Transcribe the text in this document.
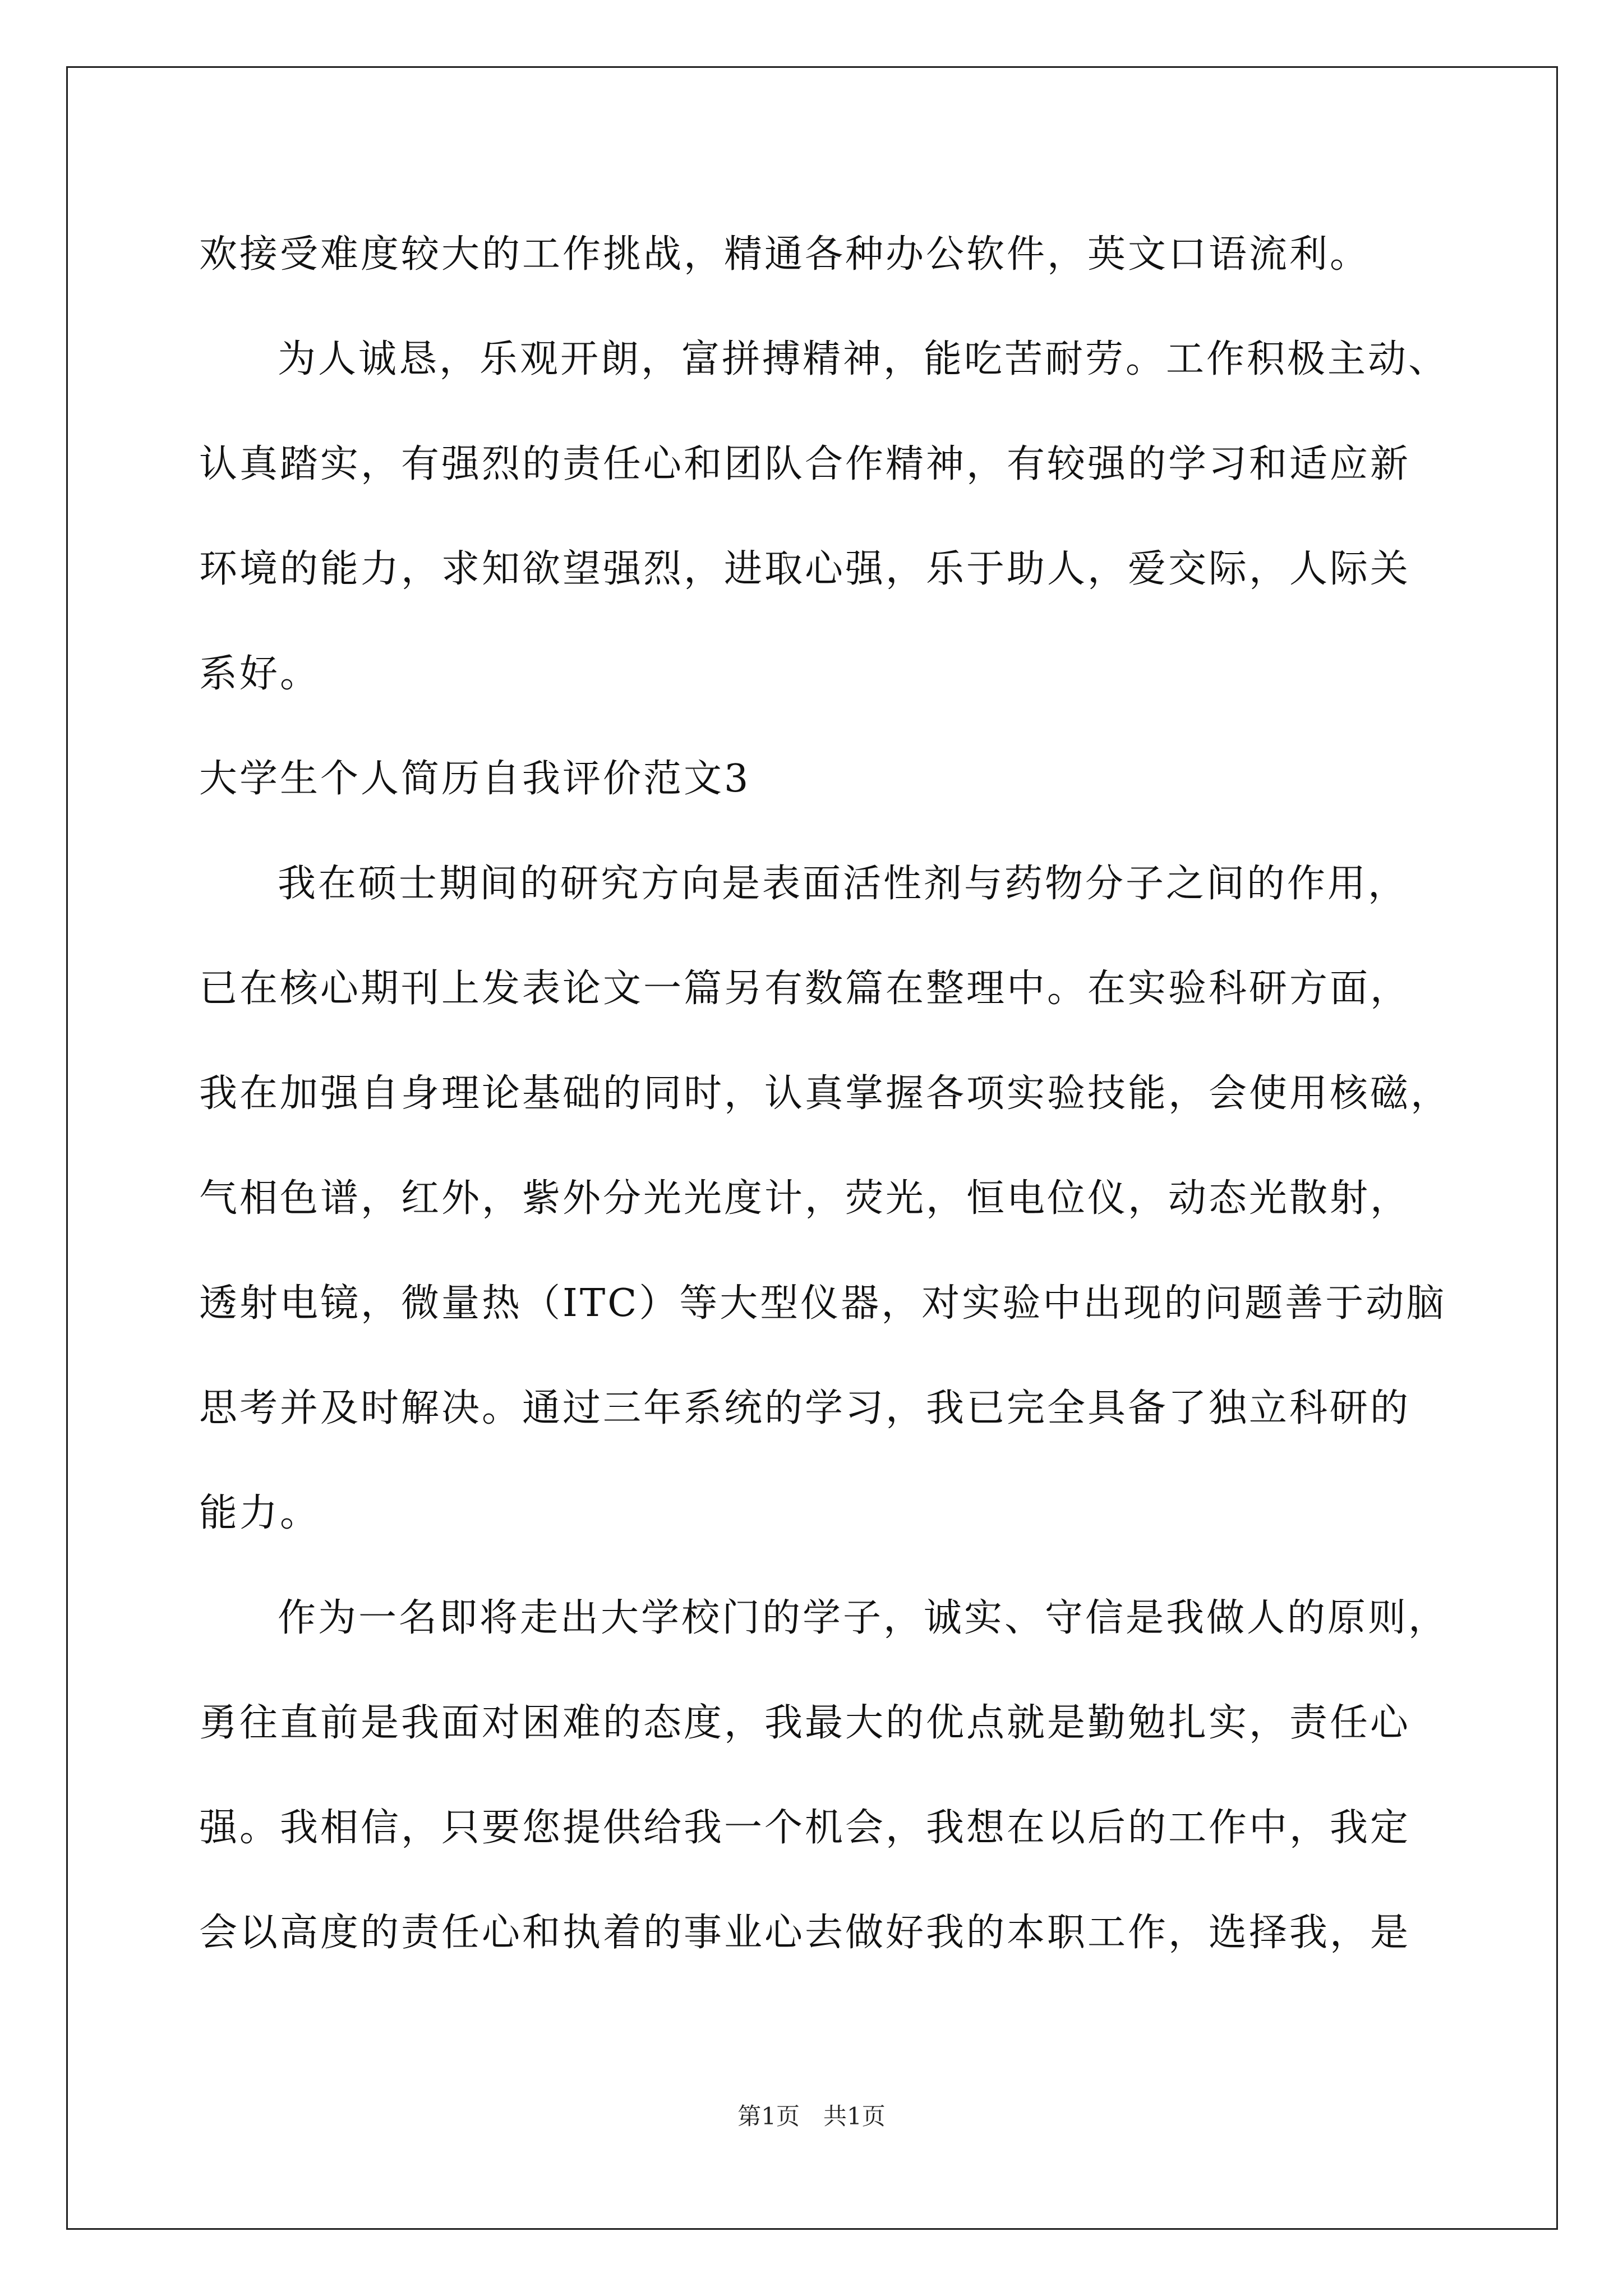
欢接受难度较大的工作挑战，精通各种办公软件，英文口语流利。
为人诚恳，乐观开朗，富拼搏精神，能吃苦耐劳。工作积极主动、
认真踏实，有强烈的责任心和团队合作精神，有较强的学习和适应新
环境的能力，求知欲望强烈，进取心强，乐于助人，爱交际，人际关
系好。
大学生个人简历自我评价范文3
我在硕士期间的研究方向是表面活性剂与药物分子之间的作用，
已在核心期刊上发表论文一篇另有数篇在整理中。在实验科研方面，
我在加强自身理论基础的同时，认真掌握各项实验技能，会使用核磁，
气相色谱，红外，紫外分光光度计，荧光，恒电位仪，动态光散射，
透射电镜，微量热（ITC）等大型仪器，对实验中出现的问题善于动脑
思考并及时解决。通过三年系统的学习，我已完全具备了独立科研的
能力。
作为一名即将走出大学校门的学子，诚实、守信是我做人的原则，
勇往直前是我面对困难的态度，我最大的优点就是勤勉扎实，责任心
强。我相信，只要您提供给我一个机会，我想在以后的工作中，我定
会以高度的责任心和执着的事业心去做好我的本职工作，选择我，是
第1页　共1页
